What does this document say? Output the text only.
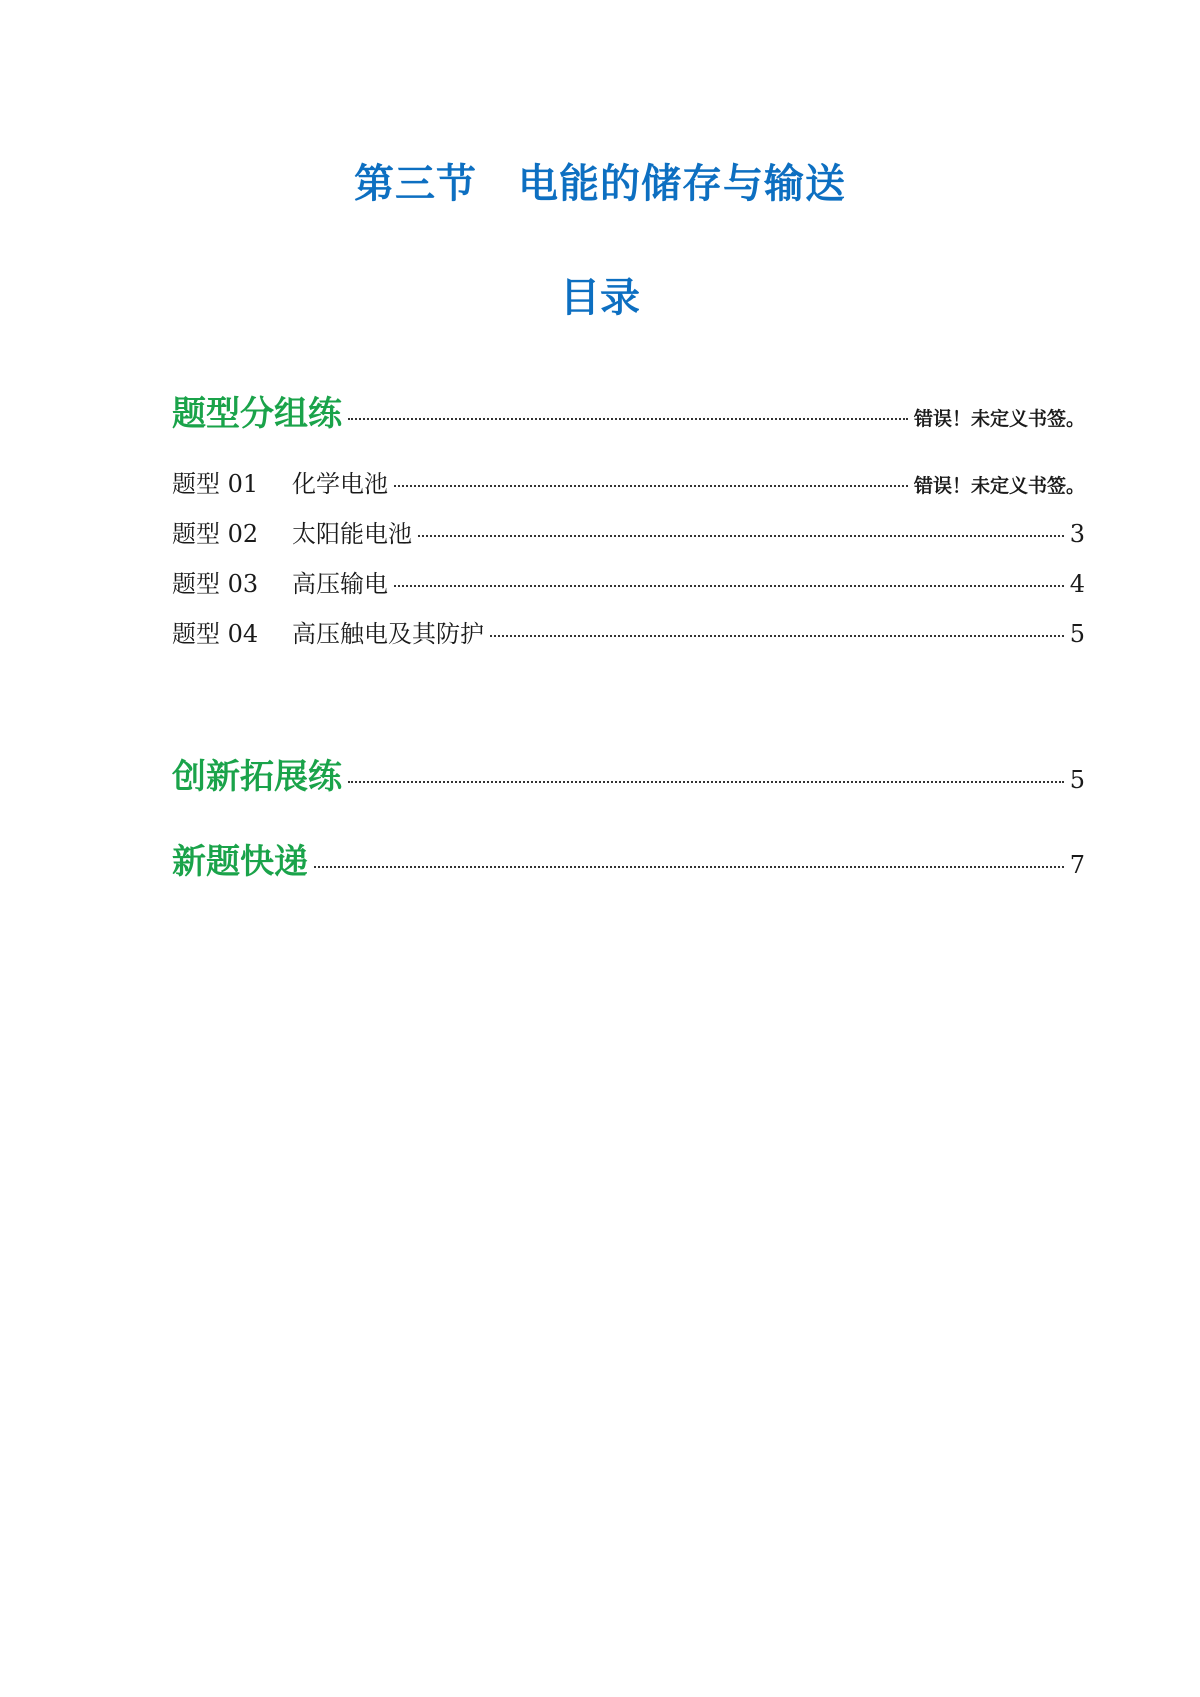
第三节　电能的储存与输送
目录
题型分组练	错误！未定义书签。
题型 01	化学电池	错误！未定义书签。
题型 02	太阳能电池	3
题型 03	高压输电	4
题型 04	高压触电及其防护	5
创新拓展练	5
新题快递	7
